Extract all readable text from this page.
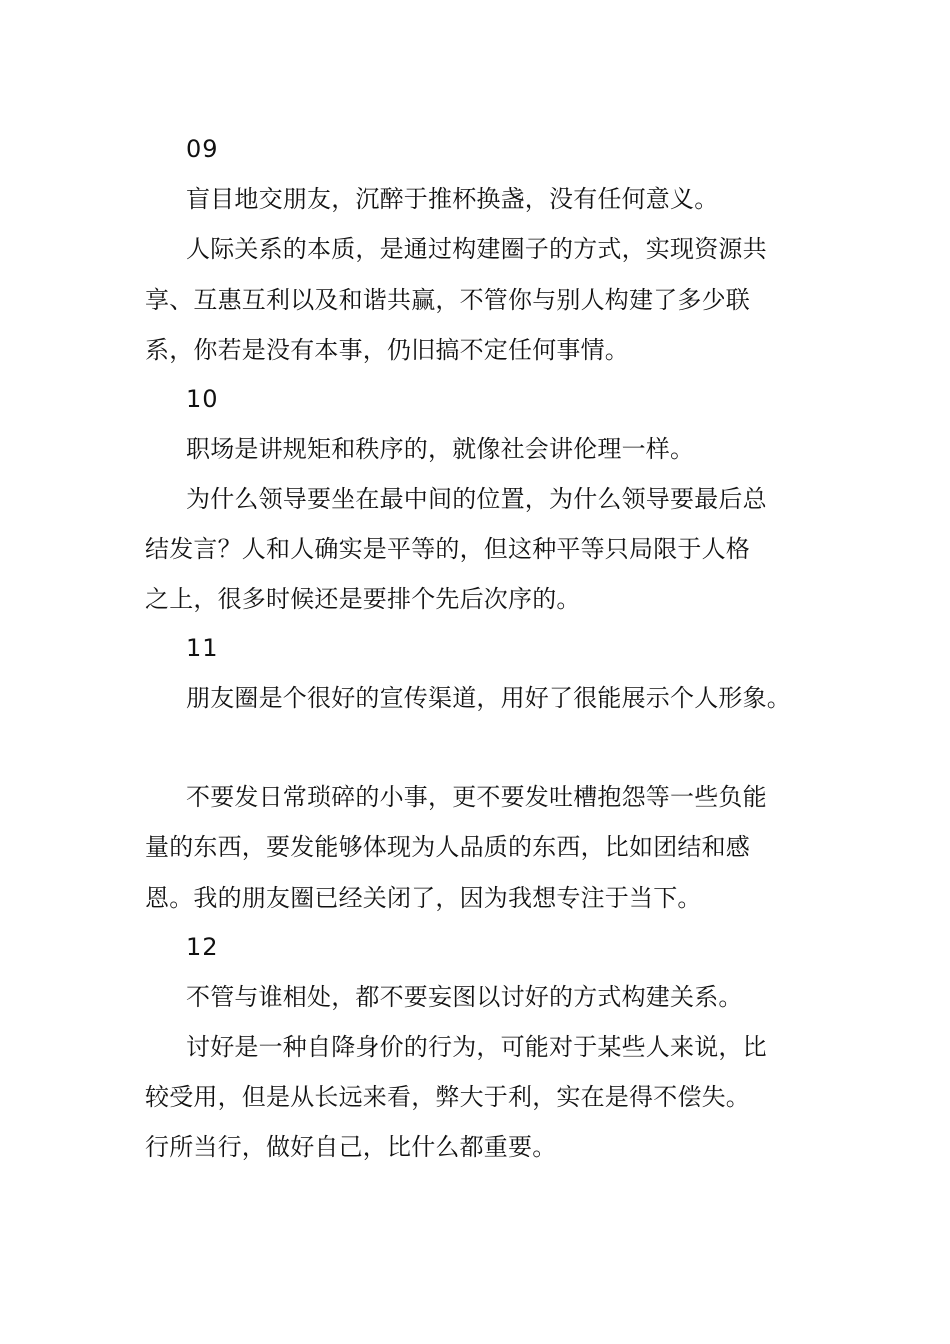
09
盲目地交朋友，沉醉于推杯换盏，没有任何意义。
人际关系的本质，是通过构建圈子的方式，实现资源共
享、互惠互利以及和谐共赢，不管你与别人构建了多少联
系，你若是没有本事，仍旧搞不定任何事情。
10
职场是讲规矩和秩序的，就像社会讲伦理一样。
为什么领导要坐在最中间的位置，为什么领导要最后总
结发言？人和人确实是平等的，但这种平等只局限于人格
之上，很多时候还是要排个先后次序的。
11
朋友圈是个很好的宣传渠道，用好了很能展示个人形象。
不要发日常琐碎的小事，更不要发吐槽抱怨等一些负能
量的东西，要发能够体现为人品质的东西，比如团结和感
恩。我的朋友圈已经关闭了，因为我想专注于当下。
12
不管与谁相处，都不要妄图以讨好的方式构建关系。
讨好是一种自降身价的行为，可能对于某些人来说，比
较受用，但是从长远来看，弊大于利，实在是得不偿失。
行所当行，做好自己，比什么都重要。
